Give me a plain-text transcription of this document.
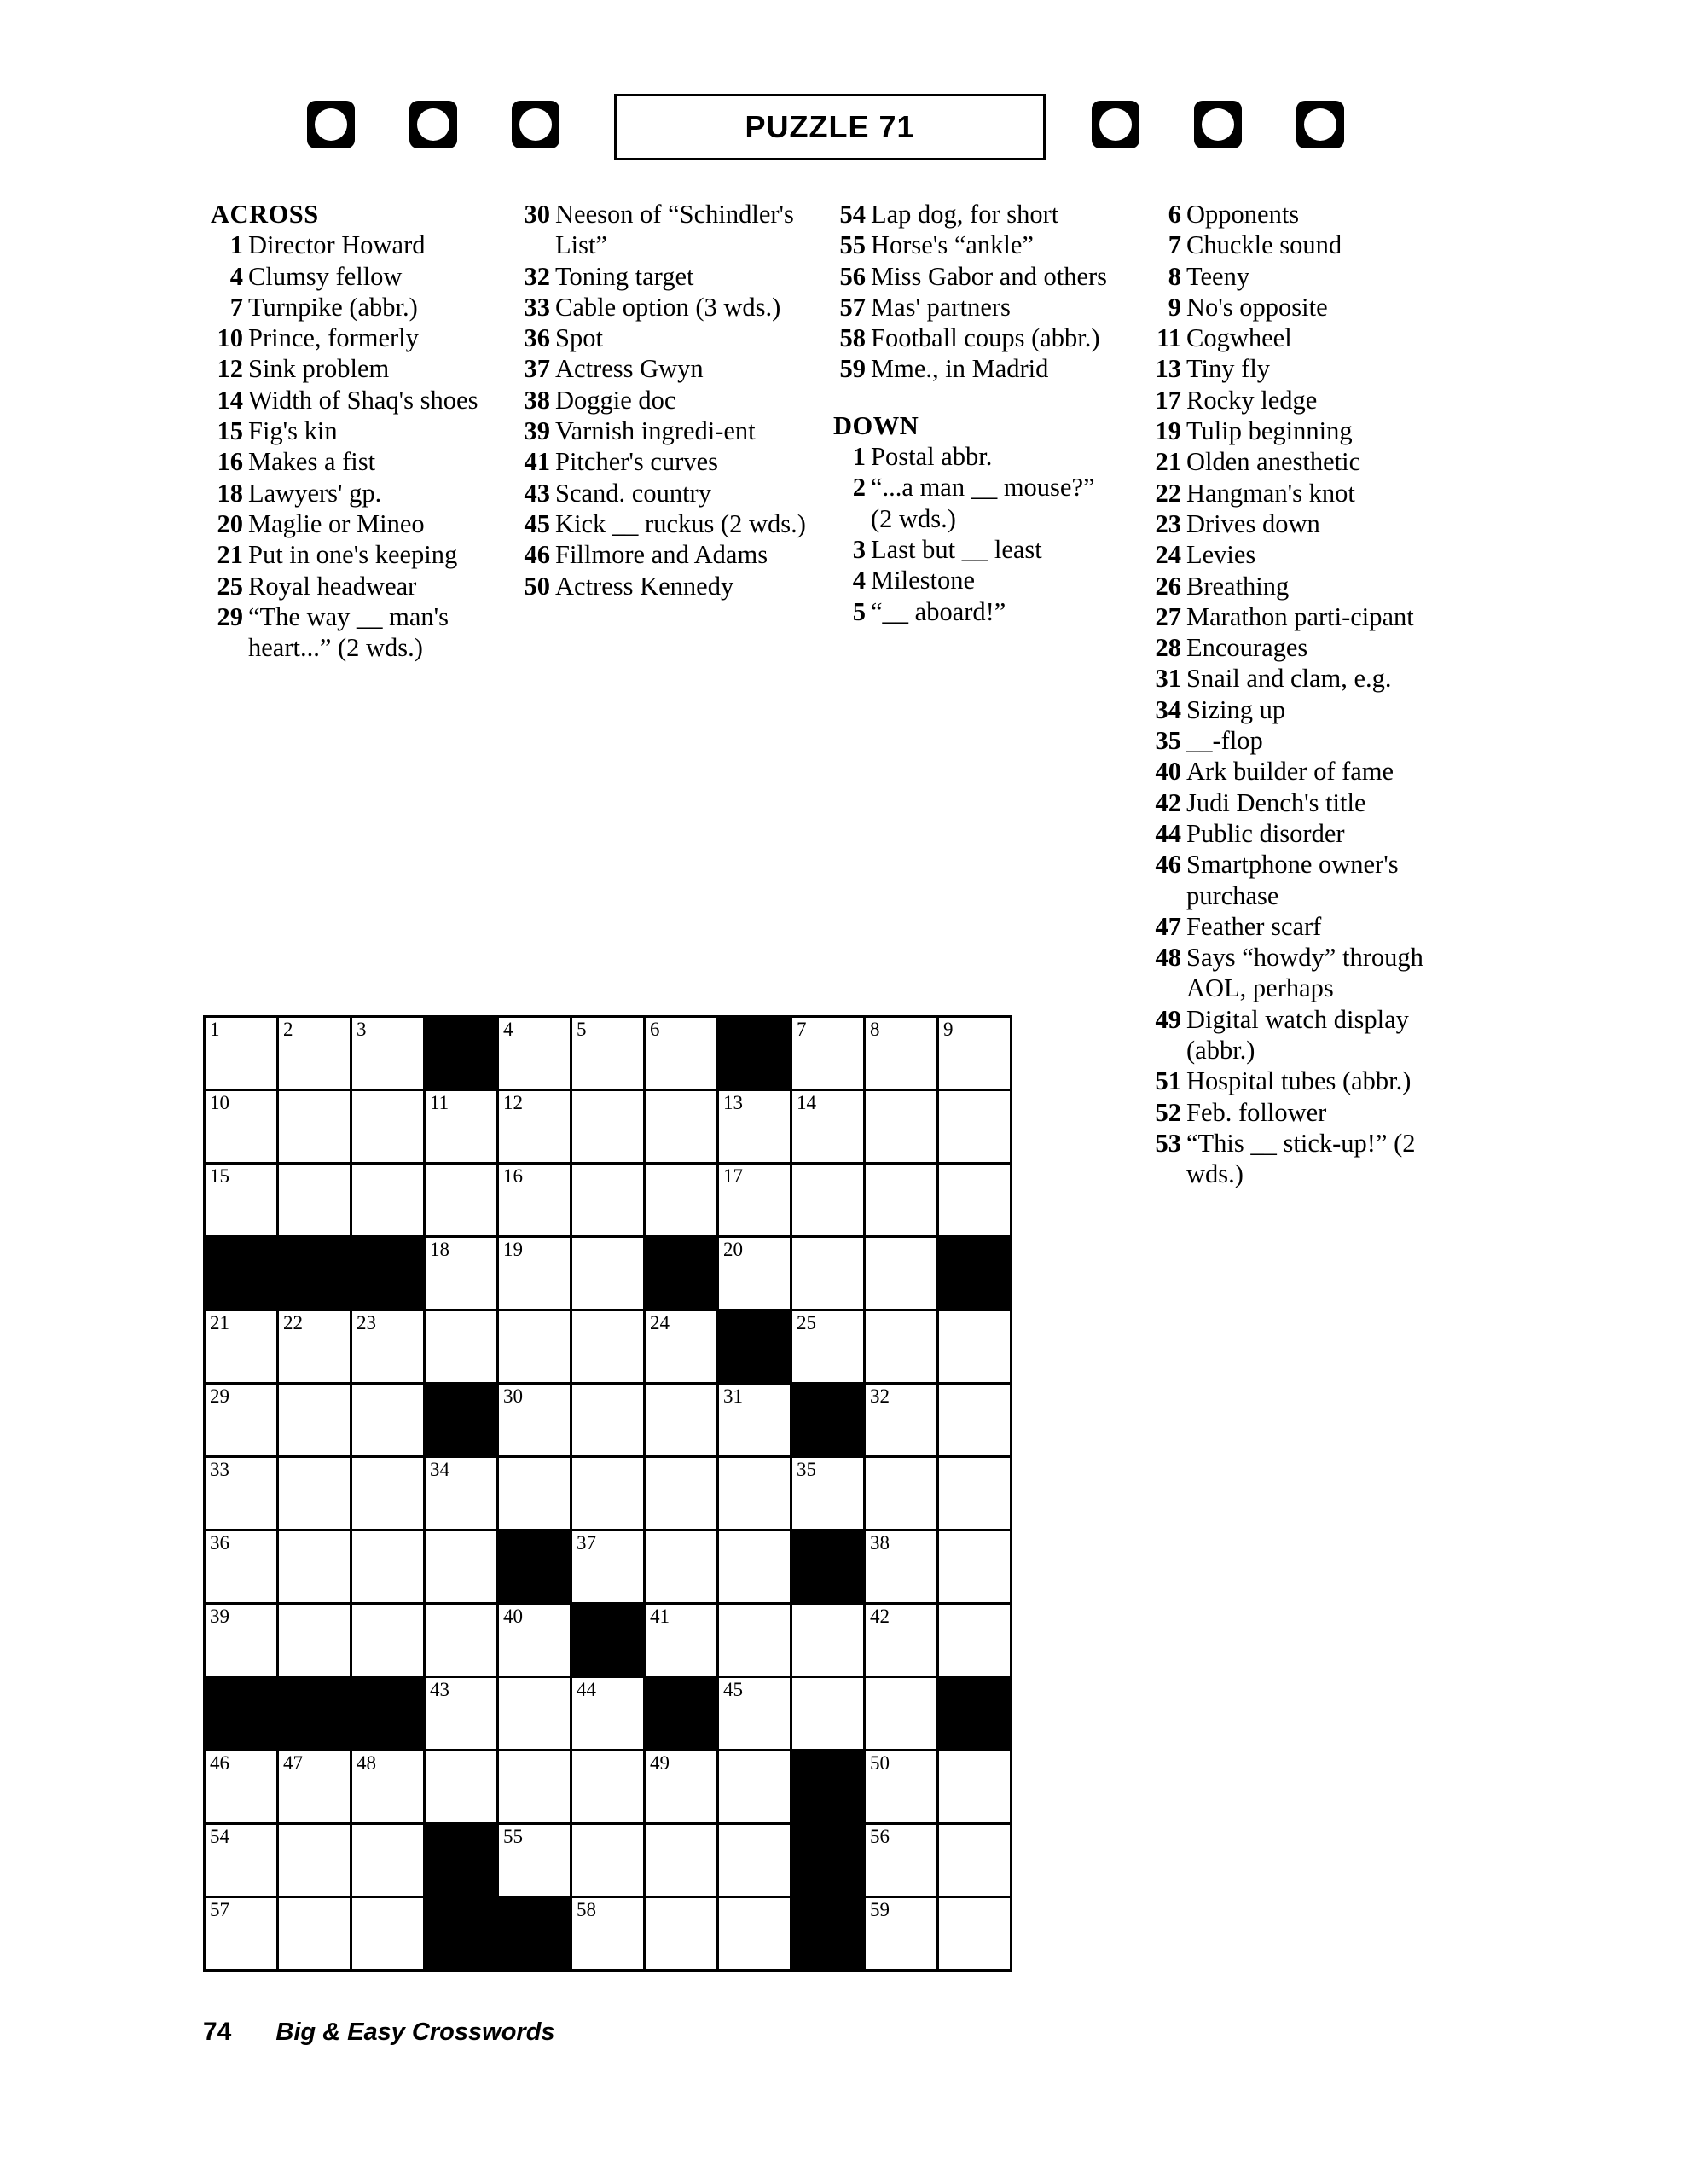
PUZZLE 71
ACROSS
1 Director Howard
4 Clumsy fellow
7 Turnpike (abbr.)
10 Prince, formerly
12 Sink problem
14 Width of Shaq's shoes
15 Fig's kin
16 Makes a fist
18 Lawyers' gp.
20 Maglie or Mineo
21 Put in one's keeping
25 Royal headwear
29 “The way __ man's heart...” (2 wds.)
30 Neeson of “Schindler's List”
32 Toning target
33 Cable option (3 wds.)
36 Spot
37 Actress Gwyn
38 Doggie doc
39 Varnish ingredi-ent
41 Pitcher's curves
43 Scand. country
45 Kick __ ruckus (2 wds.)
46 Fillmore and Adams
50 Actress Kennedy
54 Lap dog, for short
55 Horse's “ankle”
56 Miss Gabor and others
57 Mas' partners
58 Football coups (abbr.)
59 Mme., in Madrid
DOWN
1 Postal abbr.
2 “...a man __ mouse?” (2 wds.)
3 Last but __ least
4 Milestone
5 “__ aboard!”
6 Opponents
7 Chuckle sound
8 Teeny
9 No's opposite
11 Cogwheel
13 Tiny fly
17 Rocky ledge
19 Tulip beginning
21 Olden anesthetic
22 Hangman's knot
23 Drives down
24 Levies
26 Breathing
27 Marathon parti-cipant
28 Encourages
31 Snail and clam, e.g.
34 Sizing up
35 __-flop
40 Ark builder of fame
42 Judi Dench's title
44 Public disorder
46 Smartphone owner's purchase
47 Feather scarf
48 Says “howdy” through AOL, perhaps
49 Digital watch display (abbr.)
51 Hospital tubes (abbr.)
52 Feb. follower
53 “This __ stick-up!” (2 wds.)
1	2	3	4	5	6	7	8	9
10	11	12	13	14
15	16	17
18	19	20
21	22	23	24	25
29	30	31	32
33	34	35
36	37	38
39	40	41	42
43	44	45
46	47	48	49	50
54	55	56
57	58	59
74 Big & Easy Crosswords
